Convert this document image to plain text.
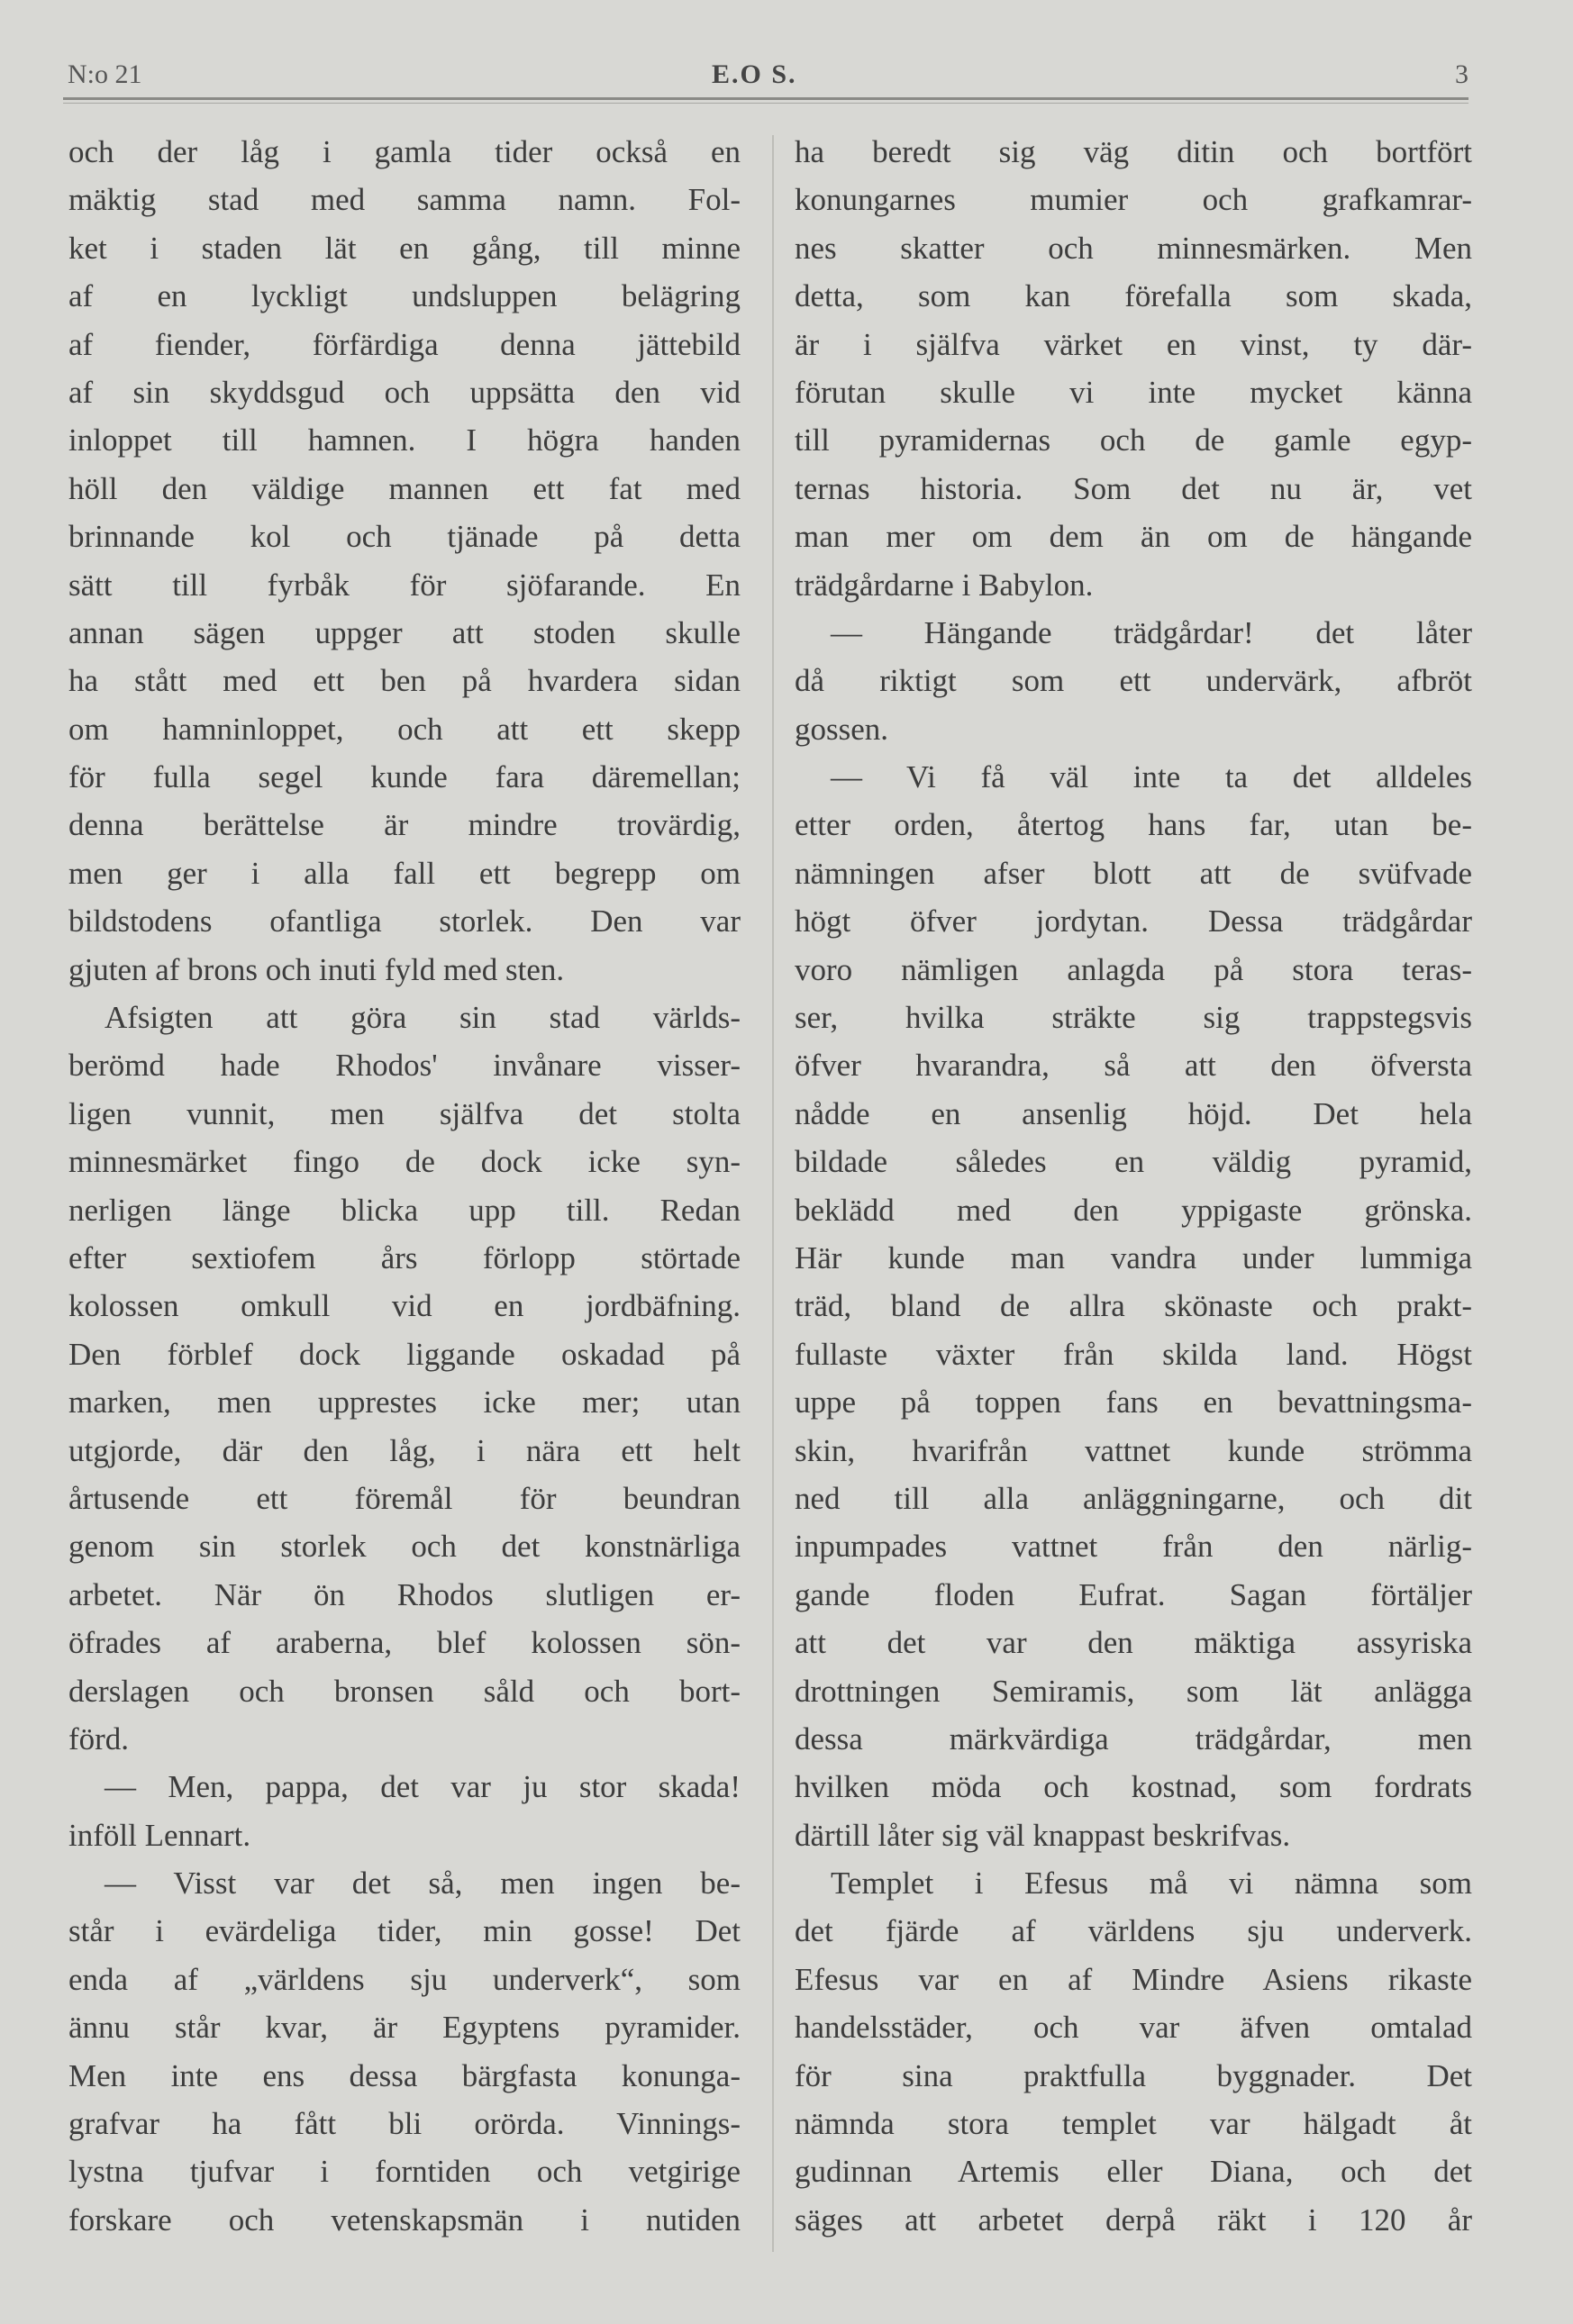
N:o 21	E.O S.	3
och der låg i gamla tider också en
mäktig stad med samma namn. Fol-
ket i staden lät en gång, till minne
af en lyckligt undsluppen belägring
af fiender, förfärdiga denna jättebild
af sin skyddsgud och uppsätta den vid
inloppet till hamnen. I högra handen
höll den väldige mannen ett fat med
brinnande kol och tjänade på detta
sätt till fyrbåk för sjöfarande. En
annan sägen uppger att stoden skulle
ha stått med ett ben på hvardera sidan
om hamninloppet, och att ett skepp
för fulla segel kunde fara däremellan;
denna berättelse är mindre trovärdig,
men ger i alla fall ett begrepp om
bildstodens ofantliga storlek. Den var
gjuten af brons och inuti fyld med sten.
Afsigten att göra sin stad världs-
berömd hade Rhodos' invånare visser-
ligen vunnit, men själfva det stolta
minnesmärket fingo de dock icke syn-
nerligen länge blicka upp till. Redan
efter sextiofem års förlopp störtade
kolossen omkull vid en jordbäfning.
Den förblef dock liggande oskadad på
marken, men upprestes icke mer; utan
utgjorde, där den låg, i nära ett helt
årtusende ett föremål för beundran
genom sin storlek och det konstnärliga
arbetet. När ön Rhodos slutligen er-
öfrades af araberna, blef kolossen sön-
derslagen och bronsen såld och bort-
förd.
— Men, pappa, det var ju stor skada!
inföll Lennart.
— Visst var det så, men ingen be-
står i evärdeliga tider, min gosse! Det
enda af „världens sju underverk“, som
ännu står kvar, är Egyptens pyramider.
Men inte ens dessa bärgfasta konunga-
grafvar ha fått bli orörda. Vinnings-
lystna tjufvar i forntiden och vetgirige
forskare och vetenskapsmän i nutiden
ha beredt sig väg ditin och bortfört
konungarnes mumier och grafkamrar-
nes skatter och minnesmärken. Men
detta, som kan förefalla som skada,
är i själfva värket en vinst, ty där-
förutan skulle vi inte mycket känna
till pyramidernas och de gamle egyp-
ternas historia. Som det nu är, vet
man mer om dem än om de hängande
trädgårdarne i Babylon.
— Hängande trädgårdar! det låter
då riktigt som ett undervärk, afbröt
gossen.
— Vi få väl inte ta det alldeles
etter orden, återtog hans far, utan be-
nämningen afser blott att de svüfvade
högt öfver jordytan. Dessa trädgårdar
voro nämligen anlagda på stora teras-
ser, hvilka sträkte sig trappstegsvis
öfver hvarandra, så att den öfversta
nådde en ansenlig höjd. Det hela
bildade således en väldig pyramid,
beklädd med den yppigaste grönska.
Här kunde man vandra under lummiga
träd, bland de allra skönaste och prakt-
fullaste växter från skilda land. Högst
uppe på toppen fans en bevattningsma-
skin, hvarifrån vattnet kunde strömma
ned till alla anläggningarne, och dit
inpumpades vattnet från den närlig-
gande floden Eufrat. Sagan förtäljer
att det var den mäktiga assyriska
drottningen Semiramis, som lät anlägga
dessa märkvärdiga trädgårdar, men
hvilken möda och kostnad, som fordrats
därtill låter sig väl knappast beskrifvas.
Templet i Efesus må vi nämna som
det fjärde af världens sju underverk.
Efesus var en af Mindre Asiens rikaste
handelsstäder, och var äfven omtalad
för sina praktfulla byggnader. Det
nämnda stora templet var hälgadt åt
gudinnan Artemis eller Diana, och det
säges att arbetet derpå räkt i 120 år
